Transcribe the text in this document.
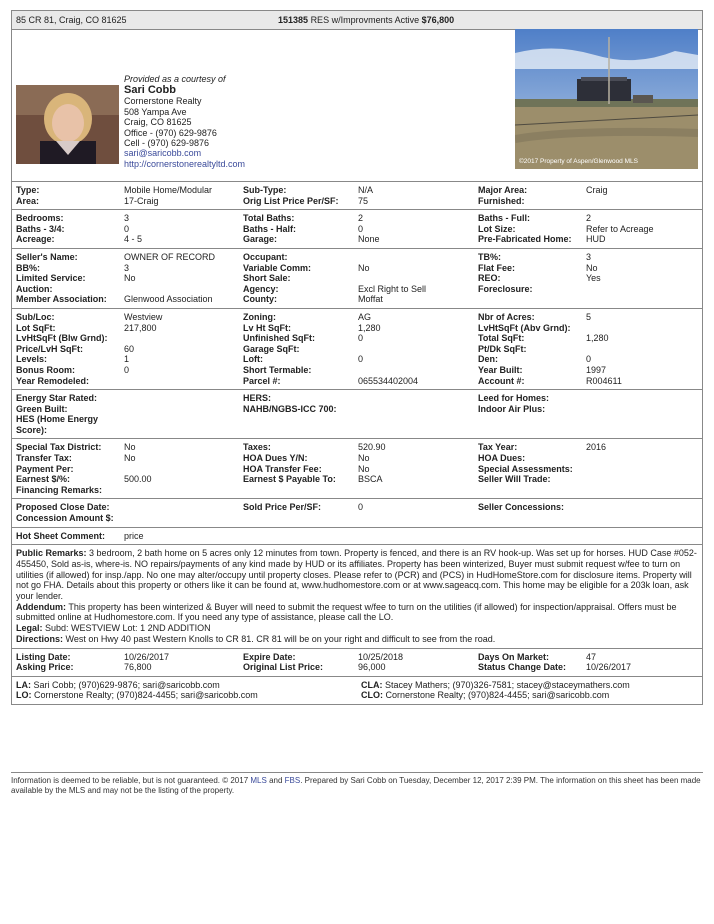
85 CR 81, Craig, CO 81625	151385 RES w/Improvments Active $76,800
Provided as a courtesy of
Sari Cobb
Cornerstone Realty
508 Yampa Ave
Craig, CO 81625
Office - (970) 629-9876
Cell - (970) 629-9876
sari@saricobb.com
http://cornerstonerealtyltd.com	©2017 Property of Aspen/Glenwood MLS
Type:	Mobile Home/Modular	Sub-Type:	N/A	Major Area:	Craig
Area:	17-Craig	Orig List Price Per/SF:	75	Furnished:
Bedrooms:	3	Total Baths:	2	Baths - Full:	2
Baths - 3/4:	0	Baths - Half:	0	Lot Size:	Refer to Acreage
Acreage:	4 - 5	Garage:	None	Pre-Fabricated Home:	HUD
Seller's Name:	OWNER OF RECORD	Occupant:	TB%:	3
BB%:	3	Variable Comm:	No	Flat Fee:	No
Limited Service:	No	Short Sale:	REO:	Yes
Auction:	Agency:	Excl Right to Sell	Foreclosure:
Member Association:	Glenwood Association	County:	Moffat
Sub/Loc:	Westview	Zoning:	AG	Nbr of Acres:	5
Lot SqFt:	217,800	Lv Ht SqFt:	1,280	LvHtSqFt (Abv Grnd):
LvHtSqFt (Blw Grnd):	Unfinished SqFt:	0	Total SqFt:	1,280
Price/LvH SqFt:	60	Garage SqFt:	Pt/Dk SqFt:
Levels:	1	Loft:	0	Den:	0
Bonus Room:	0	Short Termable:	Year Built:	1997
Year Remodeled:	Parcel #:	065534402004	Account #:	R004611
Energy Star Rated:	HERS:	Leed for Homes:
Green Built:	NAHB/NGBS-ICC 700:	Indoor Air Plus:
HES (Home Energy
Score):
Special Tax District:	No	Taxes:	520.90	Tax Year:	2016
Transfer Tax:	No	HOA Dues Y/N:	No	HOA Dues:
Payment Per:	HOA Transfer Fee:	No	Special Assessments:
Earnest $/%:	500.00	Earnest $ Payable To:	BSCA	Seller Will Trade:
Financing Remarks:
Proposed Close Date:	Sold Price Per/SF:	0	Seller Concessions:
Concession Amount $:
Hot Sheet Comment:	price
Public Remarks: 3 bedroom, 2 bath home on 5 acres only 12 minutes from town. Property is fenced, and there is an RV hook-up. Was set up for horses. HUD Case #052-455450, Sold as-is, where-is. NO repairs/payments of any kind made by HUD or its affiliates. Property has been winterized, Buyer must submit request w/fee to turn on utilities (if allowed) for insp./app. No one may alter/occupy until property closes. Please refer to (PCR) and (PCS) in HudHomeStore.com for disclosure items. Property will not go FHA. Details about this property or others like it can be found at, www.hudhomestore.com or at www.sageacq.com. This home may be eligible for a 203k loan, ask your lender.
Addendum: This property has been winterized & Buyer will need to submit the request w/fee to turn on the utilities (if allowed) for inspection/appraisal. Offers must be submitted online at Hudhomestore.com. If you need any type of assistance, please call the LO.
Legal: Subd: WESTVIEW Lot: 1 2ND ADDITION
Directions: West on Hwy 40 past Western Knolls to CR 81. CR 81 will be on your right and difficult to see from the road.
Listing Date:	10/26/2017	Expire Date:	10/25/2018	Days On Market:	47
Asking Price:	76,800	Original List Price:	96,000	Status Change Date:	10/26/2017
LA: Sari Cobb; (970)629-9876; sari@saricobb.com	CLA: Stacey Mathers; (970)326-7581; stacey@staceymathers.com
LO: Cornerstone Realty; (970)824-4455; sari@saricobb.com	CLO: Cornerstone Realty; (970)824-4455; sari@saricobb.com
Information is deemed to be reliable, but is not guaranteed. © 2017 MLS and FBS. Prepared by Sari Cobb on Tuesday, December 12, 2017 2:39 PM. The information on this sheet has been made available by the MLS and may not be the listing of the property.
